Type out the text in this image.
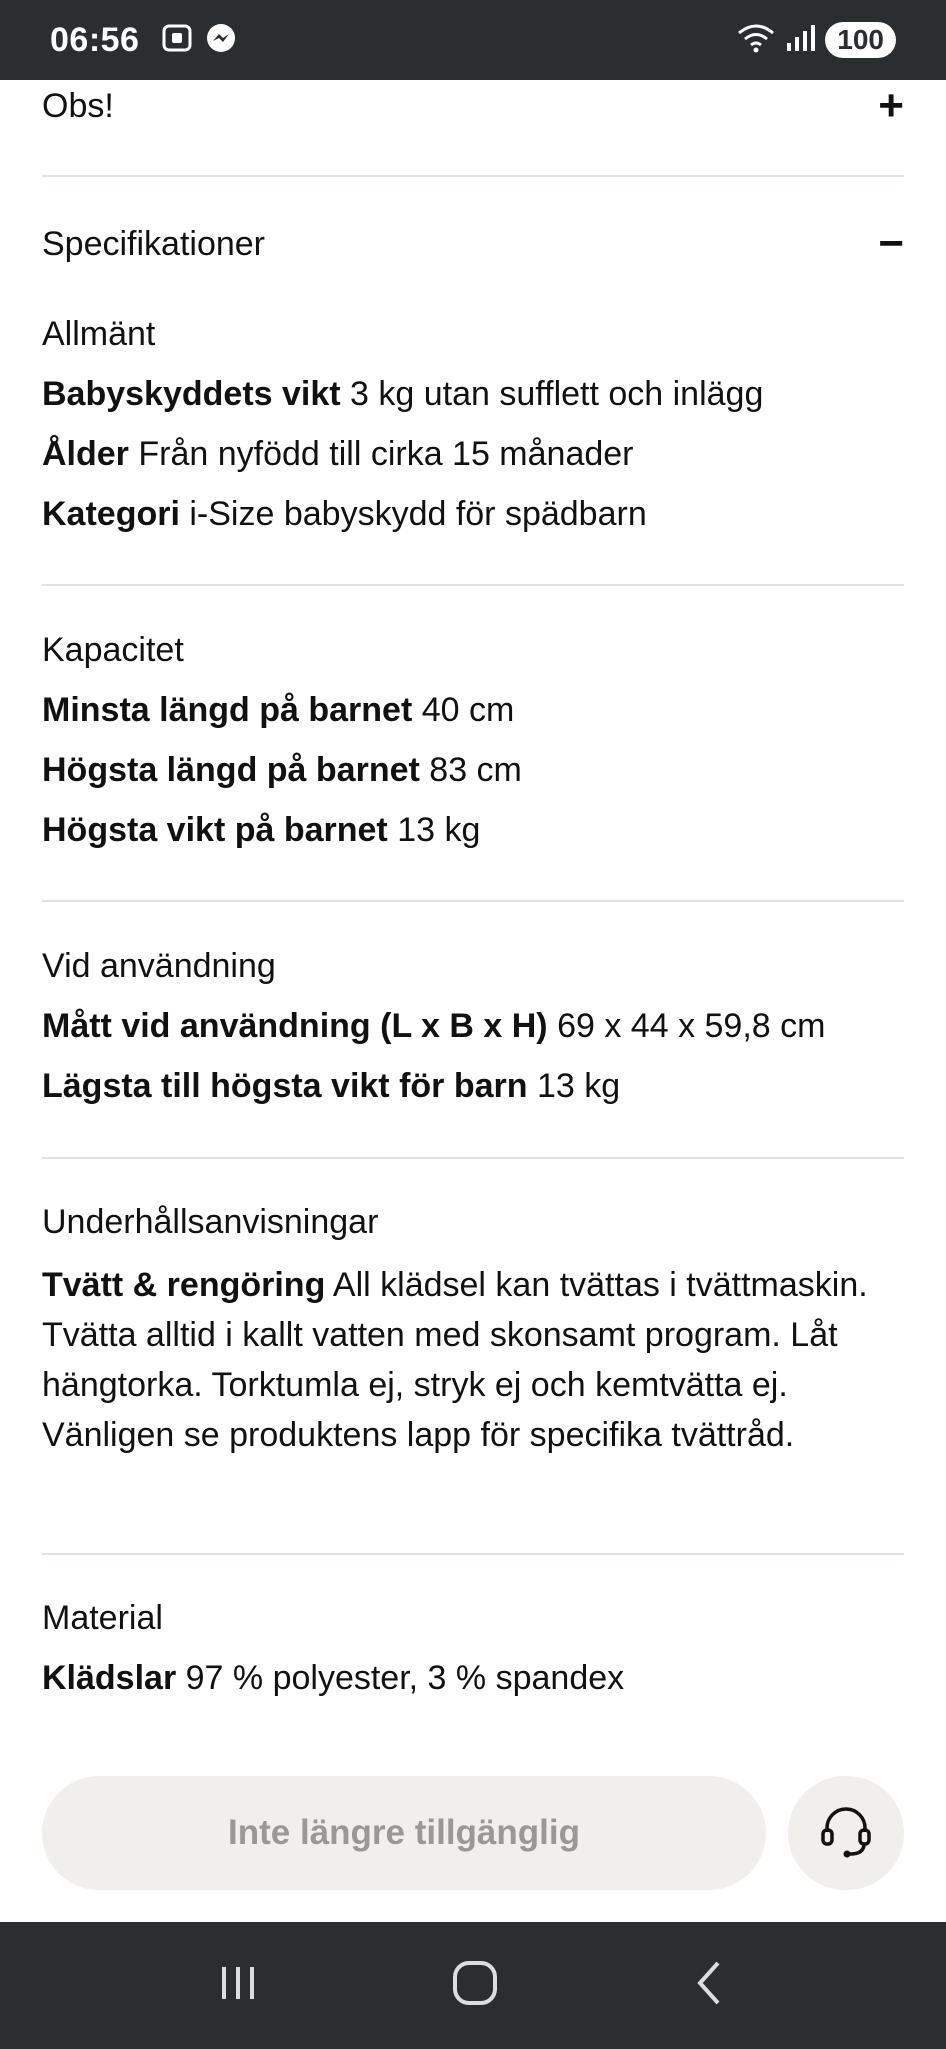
06:56	100
Obs!	+
Specifikationer	−
Allmänt
Babyskyddets vikt 3 kg utan sufflett och inlägg
Ålder Från nyfödd till cirka 15 månader
Kategori i-Size babyskydd för spädbarn
Kapacitet
Minsta längd på barnet 40 cm
Högsta längd på barnet 83 cm
Högsta vikt på barnet 13 kg
Vid användning
Mått vid användning (L x B x H) 69 x 44 x 59,8 cm
Lägsta till högsta vikt för barn 13 kg
Underhållsanvisningar
Tvätt & rengöring All klädsel kan tvättas i tvättmaskin. Tvätta alltid i kallt vatten med skonsamt program. Låt hängtorka. Torktumla ej, stryk ej och kemtvätta ej. Vänligen se produktens lapp för specifika tvättråd.
Material
Klädslar 97 % polyester, 3 % spandex
Inte längre tillgänglig
